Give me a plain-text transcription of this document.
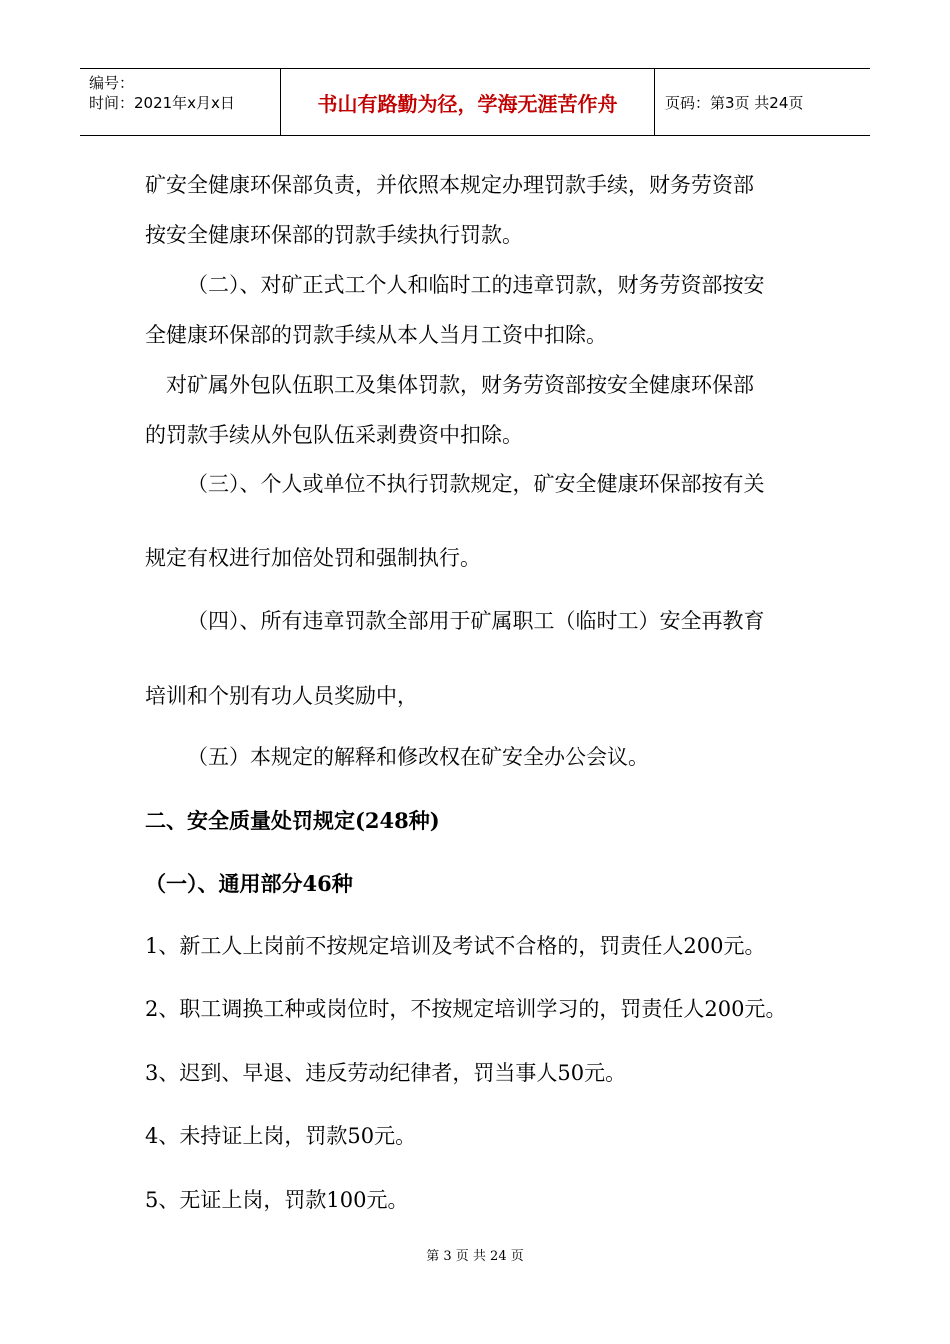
编号：
时间：2021年x月x日	书山有路勤为径，学海无涯苦作舟	页码：第3页 共24页
矿安全健康环保部负责，并依照本规定办理罚款手续，财务劳资部
按安全健康环保部的罚款手续执行罚款。
（二）、对矿正式工个人和临时工的违章罚款，财务劳资部按安
全健康环保部的罚款手续从本人当月工资中扣除。
对矿属外包队伍职工及集体罚款，财务劳资部按安全健康环保部
的罚款手续从外包队伍采剥费资中扣除。
（三）、个人或单位不执行罚款规定，矿安全健康环保部按有关
规定有权进行加倍处罚和强制执行。
（四）、所有违章罚款全部用于矿属职工（临时工）安全再教育
培训和个别有功人员奖励中，
（五）本规定的解释和修改权在矿安全办公会议。
二、安全质量处罚规定(248种)
（一）、通用部分46种
1、新工人上岗前不按规定培训及考试不合格的，罚责任人200元。
2、职工调换工种或岗位时，不按规定培训学习的，罚责任人200元。
3、迟到、早退、违反劳动纪律者，罚当事人50元。
4、未持证上岗，罚款50元。
5、无证上岗，罚款100元。
第 3 页 共 24 页
